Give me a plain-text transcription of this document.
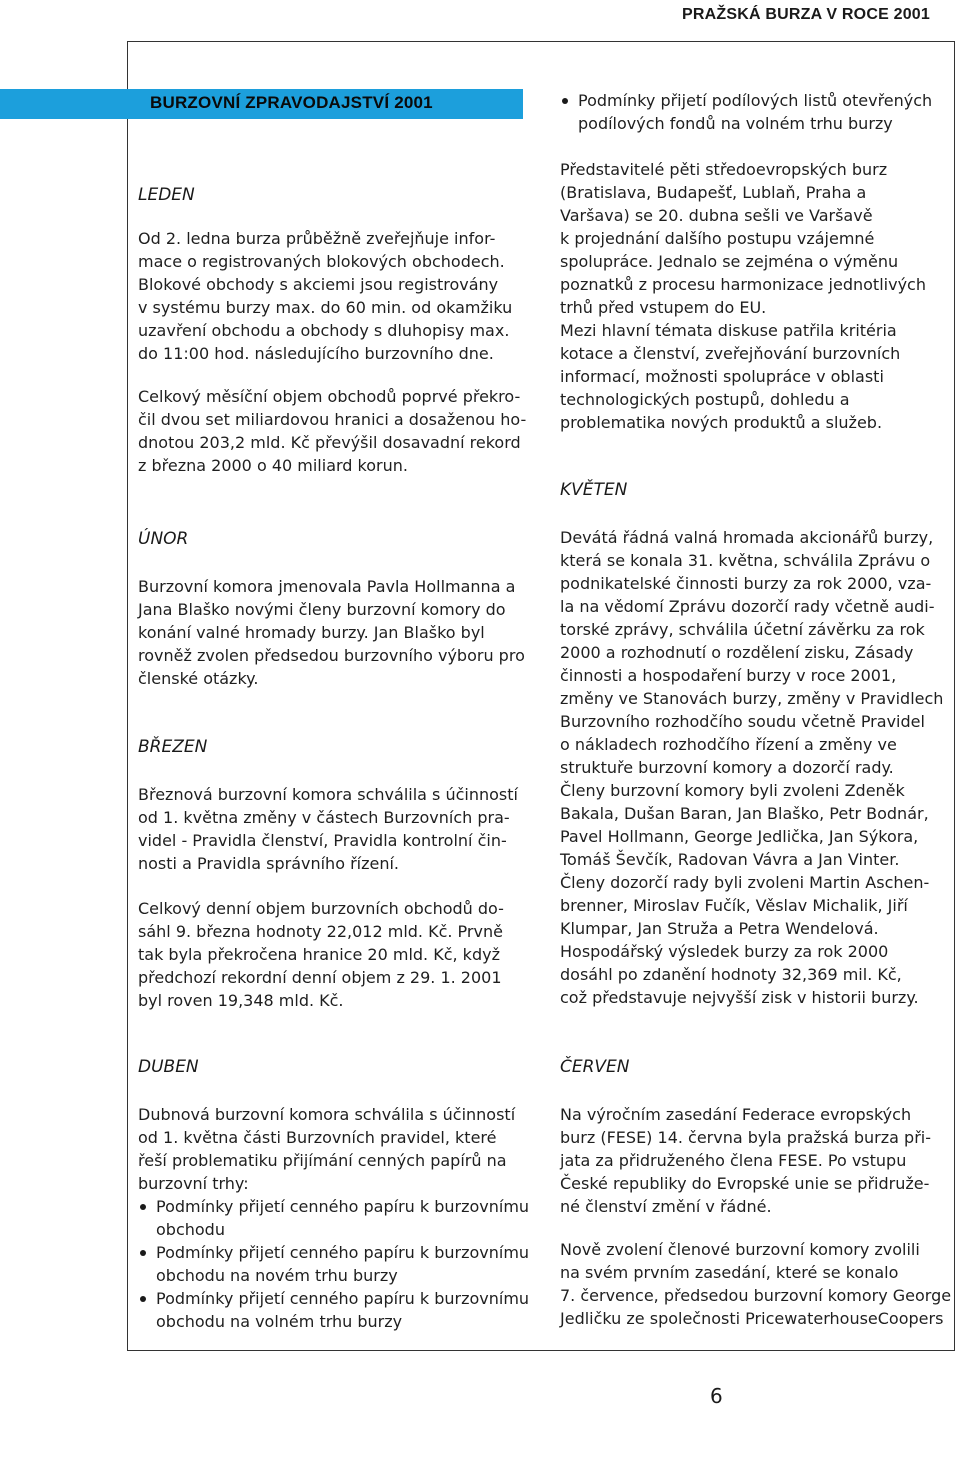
PRAŽSKÁ BURZA V ROCE 2001
BURZOVNÍ ZPRAVODAJSTVÍ 2001
LEDEN

Od 2. ledna burza průběžně zveřejňuje infor-
mace o registrovaných blokových obchodech.
Blokové obchody s akciemi jsou registrovány
v systému burzy max. do 60 min. od okamžiku
uzavření obchodu a obchody s dluhopisy max.
do 11:00 hod. následujícího burzovního dne.

Celkový měsíční objem obchodů poprvé překro-
čil dvou set miliardovou hranici a dosaženou ho-
dnotou 203,2 mld. Kč převýšil dosavadní rekord
z března 2000 o 40 miliard korun.

ÚNOR

Burzovní komora jmenovala Pavla Hollmanna a
Jana Blaško novými členy burzovní komory do
konání valné hromady burzy. Jan Blaško byl
rovněž zvolen předsedou burzovního výboru pro
členské otázky.

BŘEZEN

Březnová burzovní komora schválila s účinností
od 1. května změny v částech Burzovních pra-
videl - Pravidla členství, Pravidla kontrolní čin-
nosti a Pravidla správního řízení.

Celkový denní objem burzovních obchodů do-
sáhl 9. března hodnoty 22,012 mld. Kč. Prvně
tak byla překročena hranice 20 mld. Kč, když
předchozí rekordní denní objem z 29. 1. 2001
byl roven 19,348 mld. Kč.

Podmínky přijetí podílových listů otevřených
podílových fondů na volném trhu burzy

Představitelé pěti středoevropských burz
(Bratislava, Budapešť, Lublaň, Praha a
Varšava) se 20. dubna sešli ve Varšavě
k projednání dalšího postupu vzájemné
spolupráce. Jednalo se zejména o výměnu
poznatků z procesu harmonizace jednotlivých
trhů před vstupem do EU.
Mezi hlavní témata diskuse patřila kritéria
kotace a členství, zveřejňování burzovních
informací, možnosti spolupráce v oblasti
technologických postupů, dohledu a
problematika nových produktů a služeb.

KVĚTEN

Devátá řádná valná hromada akcionářů burzy,
která se konala 31. května, schválila Zprávu o
podnikatelské činnosti burzy za rok 2000, vza-
la na vědomí Zprávu dozorčí rady včetně audi-
torské zprávy, schválila účetní závěrku za rok
2000 a rozhodnutí o rozdělení zisku, Zásady
činnosti a hospodaření burzy v roce 2001,
změny ve Stanovách burzy, změny v Pravidlech
Burzovního rozhodčího soudu včetně Pravidel
o nákladech rozhodčího řízení a změny ve
struktuře burzovní komory a dozorčí rady.
Členy burzovní komory byli zvoleni Zdeněk
Bakala, Dušan Baran, Jan Blaško, Petr Bodnár,
Pavel Hollmann, George Jedlička, Jan Sýkora,
Tomáš Ševčík, Radovan Vávra a Jan Vinter.
Členy dozorčí rady byli zvoleni Martin Aschen-
brenner, Miroslav Fučík, Věslav Michalik, Jiří
Klumpar, Jan Stružа a Petra Wendelová.
Hospodářský výsledek burzy za rok 2000
dosáhl po zdanění hodnoty 32,369 mil. Kč,
což představuje nejvyšší zisk v historii burzy.

DUBEN

Dubnová burzovní komora schválila s účinností
od 1. května části Burzovních pravidel, které
řeší problematiku přijímání cenných papírů na
burzovní trhy:

Podmínky přijetí cenného papíru k burzovnímu
obchodu
Podmínky přijetí cenného papíru k burzovnímu
obchodu na novém trhu burzy
Podmínky přijetí cenného papíru k burzovnímu
obchodu na volném trhu burzy
ČERVEN

Na výročním zasedání Federace evropských
burz (FESE) 14. června byla pražská burza při-
jata za přidruženého člena FESE. Po vstupu
České republiky do Evropské unie se přidruže-
né členství změní v řádné.

Nově zvolení členové burzovní komory zvolili
na svém prvním zasedání, které se konalo
7. července, předsedou burzovní komory George
Jedličku ze společnosti PricewaterhouseCoopers

6
